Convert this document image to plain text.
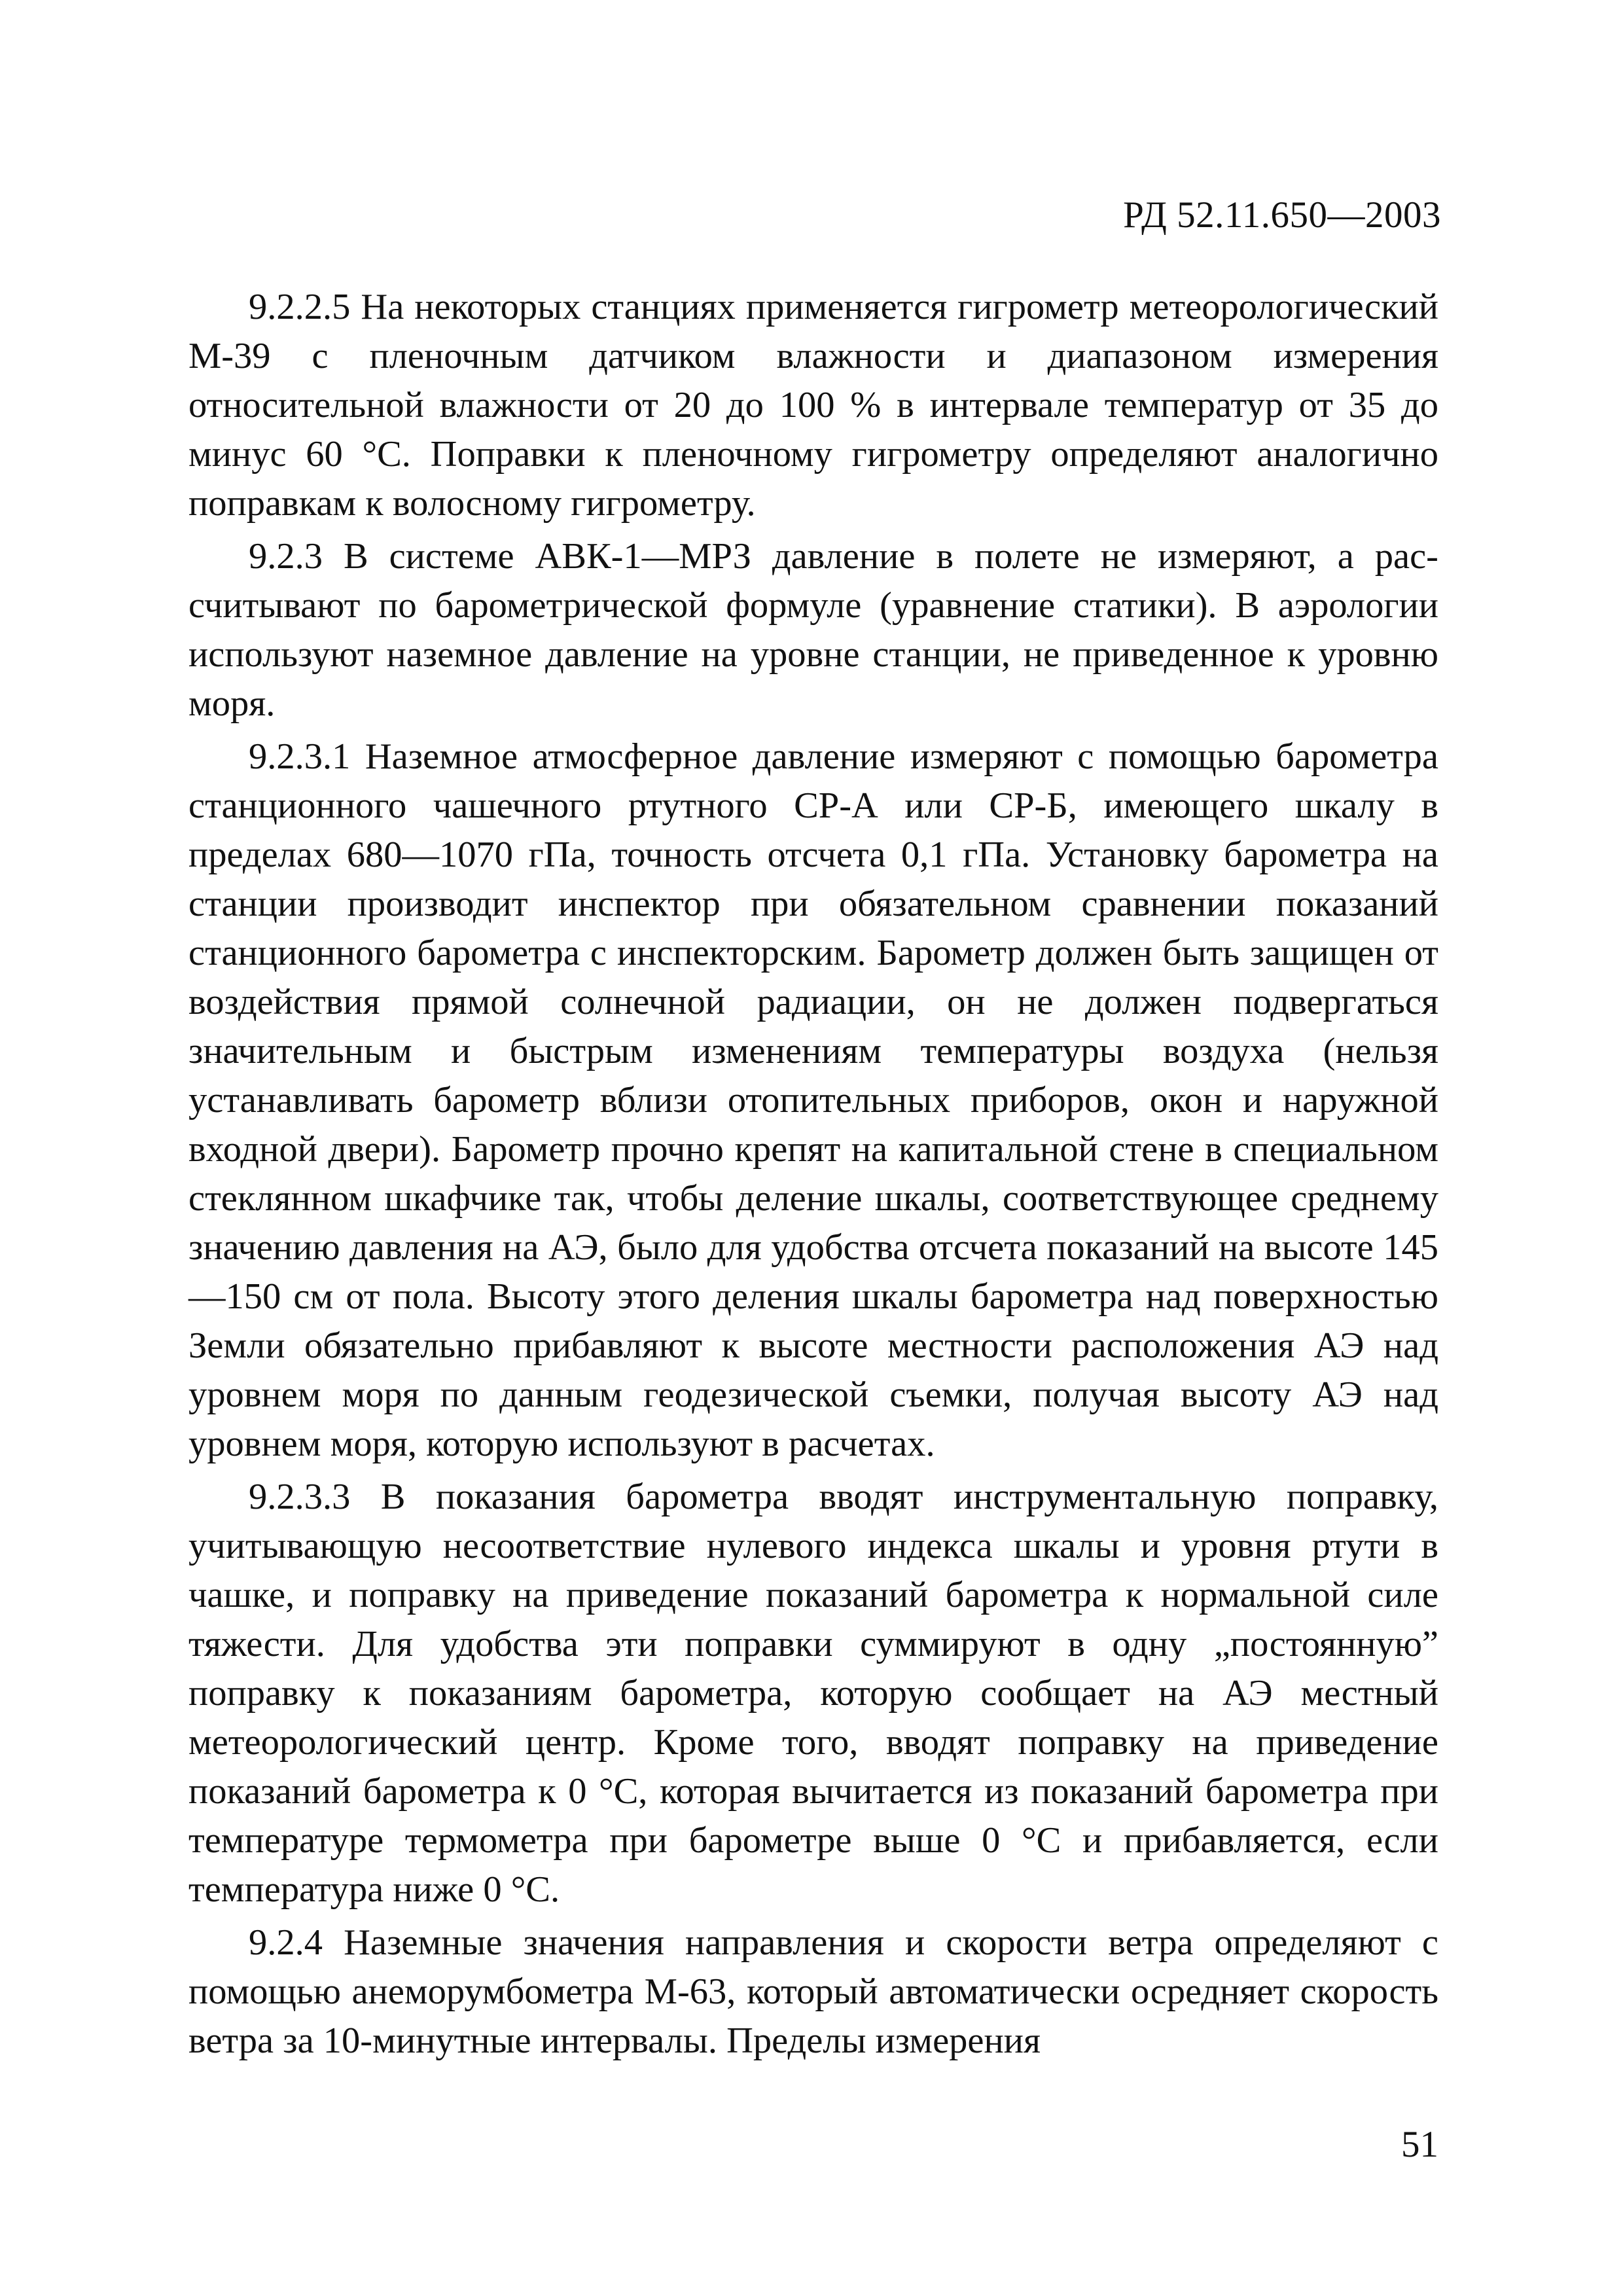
РД 52.11.650—2003

9.2.2.5 На некоторых станциях применяется гигрометр метеорологический М-39 с пленочным датчиком влажности и диапазоном измерения относительной влажности от 20 до 100 % в интервале температур от 35 до минус 60 °С. Поправки к пленочному гигрометру определяют аналогично поправкам к волосному гигрометру.

9.2.3 В системе АВК-1—МРЗ давление в полете не измеряют, а рассчитывают по барометрической формуле (уравнение статики). В аэрологии используют наземное давление на уровне станции, не приведенное к уровню моря.

9.2.3.1 Наземное атмосферное давление измеряют с помощью барометра станционного чашечного ртутного СР-А или СР-Б, имеющего шкалу в пределах 680—1070 гПа, точность отсчета 0,1 гПа. Установку барометра на станции производит инспектор при обязательном сравнении показаний станционного барометра с инспекторским. Барометр должен быть защищен от воздействия прямой солнечной радиации, он не должен подвергаться значительным и быстрым изменениям температуры воздуха (нельзя устанавливать барометр вблизи отопительных приборов, окон и наружной входной двери). Барометр прочно крепят на капитальной стене в специальном стеклянном шкафчике так, чтобы деление шкалы, соответствующее среднему значению давления на АЭ, было для удобства отсчета показаний на высоте 145—150 см от пола. Высоту этого деления шкалы барометра над поверхностью Земли обязательно прибавляют к высоте местности расположения АЭ над уровнем моря по данным геодезической съемки, получая высоту АЭ над уровнем моря, которую используют в расчетах.

9.2.3.3 В показания барометра вводят инструментальную поправку, учитывающую несоответствие нулевого индекса шкалы и уровня ртути в чашке, и поправку на приведение показаний барометра к нормальной силе тяжести. Для удобства эти поправки суммируют в одну „постоянную” поправку к показаниям барометра, которую сообщает на АЭ местный метеорологический центр. Кроме того, вводят поправку на приведение показаний барометра к 0 °С, которая вычитается из показаний барометра при температуре термометра при барометре выше 0 °С и прибавляется, если температура ниже 0 °С.

9.2.4 Наземные значения направления и скорости ветра определяют с помощью анеморумбометра М-63, который автоматически осредняет скорость ветра за 10-минутные интервалы. Пределы измерения

51
